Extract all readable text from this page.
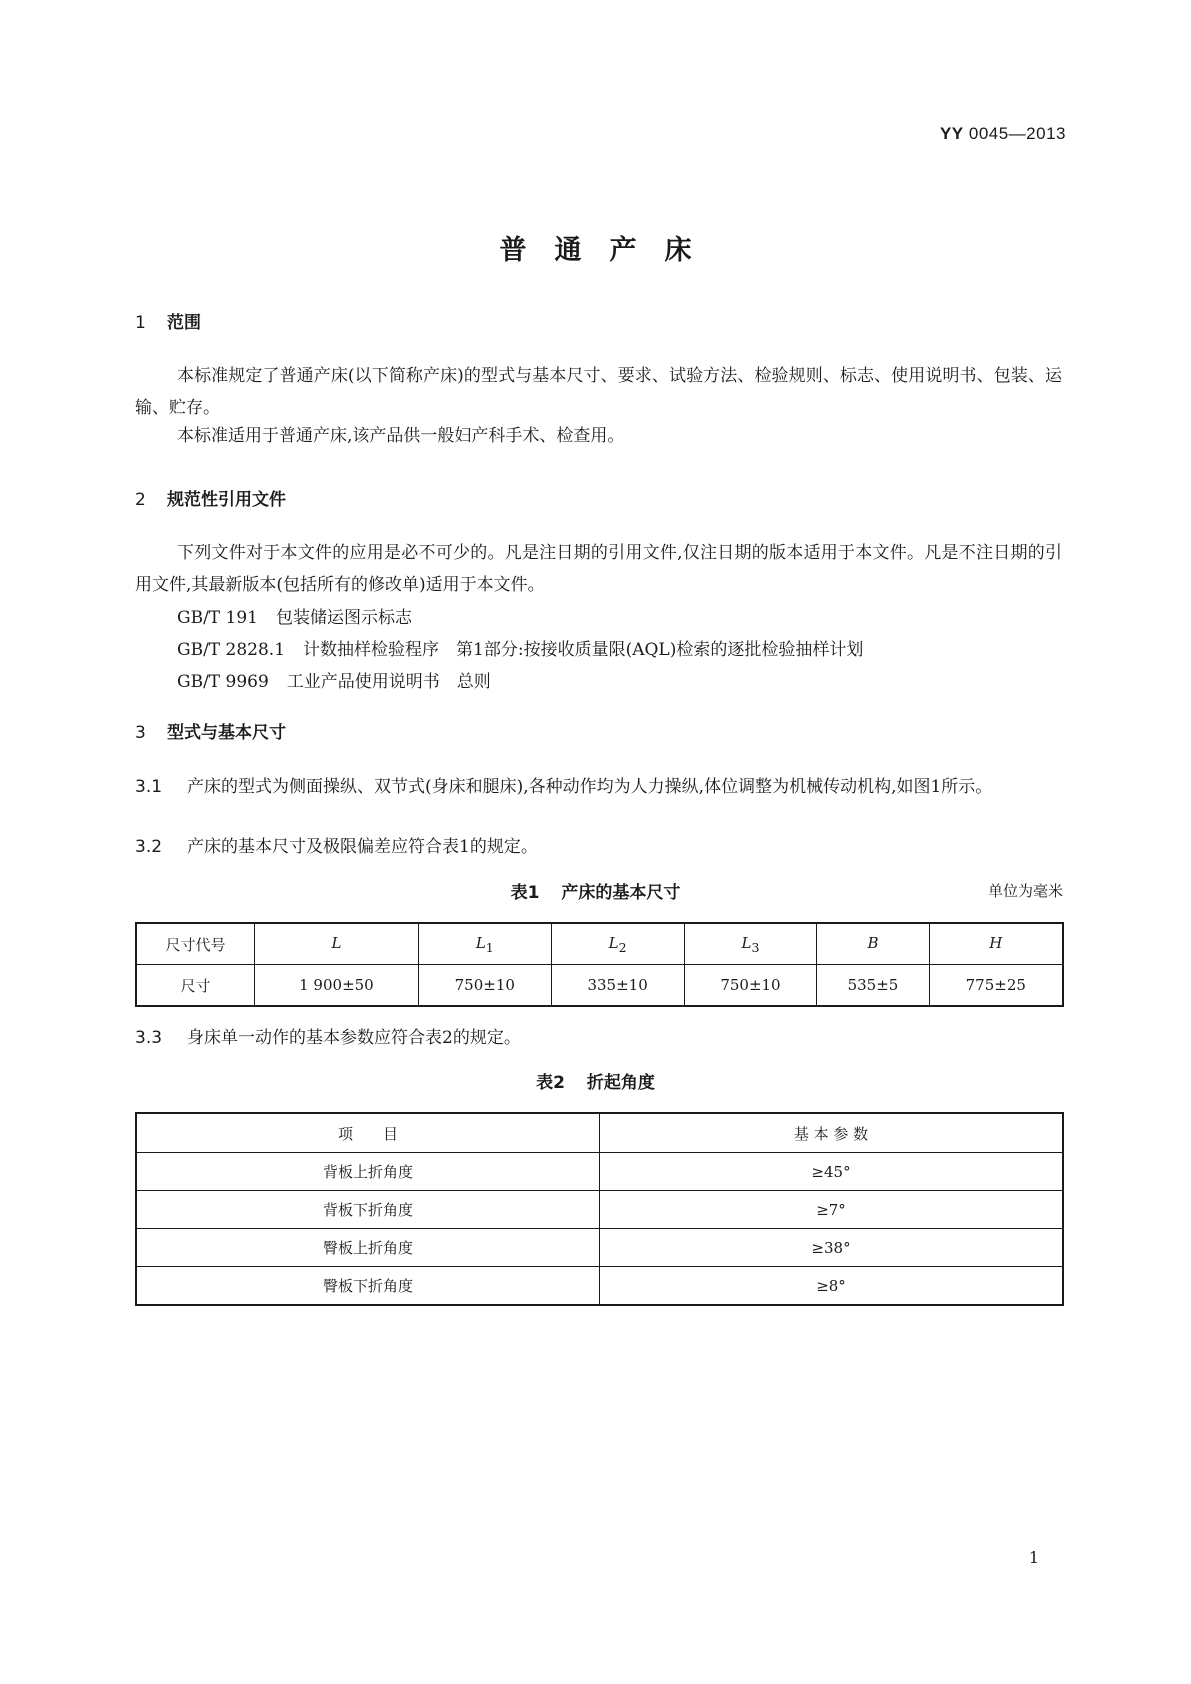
YY 0045—2013
普通产床
1 范围
本标准规定了普通产床(以下简称产床)的型式与基本尺寸、要求、试验方法、检验规则、标志、使用说明书、包装、运输、贮存。
本标准适用于普通产床,该产品供一般妇产科手术、检查用。
2 规范性引用文件
下列文件对于本文件的应用是必不可少的。凡是注日期的引用文件,仅注日期的版本适用于本文件。凡是不注日期的引用文件,其最新版本(包括所有的修改单)适用于本文件。
GB/T 191 包装储运图示标志
GB/T 2828.1 计数抽样检验程序　第1部分:按接收质量限(AQL)检索的逐批检验抽样计划
GB/T 9969 工业产品使用说明书　总则
3 型式与基本尺寸
3.1 产床的型式为侧面操纵、双节式(身床和腿床),各种动作均为人力操纵,体位调整为机械传动机构,如图1所示。
3.2 产床的基本尺寸及极限偏差应符合表1的规定。
表1 产床的基本尺寸	单位为毫米
尺寸代号	L	$L_1$	$L_2$	$L_3$	B	H
尺寸	1 900±50	750±10	335±10	750±10	535±5	775±25
3.3 身床单一动作的基本参数应符合表2的规定。
表2 折起角度
项　　目	基 本 参 数
背板上折角度	≥45°
背板下折角度	≥7°
臀板上折角度	≥38°
臀板下折角度	≥8°
1
